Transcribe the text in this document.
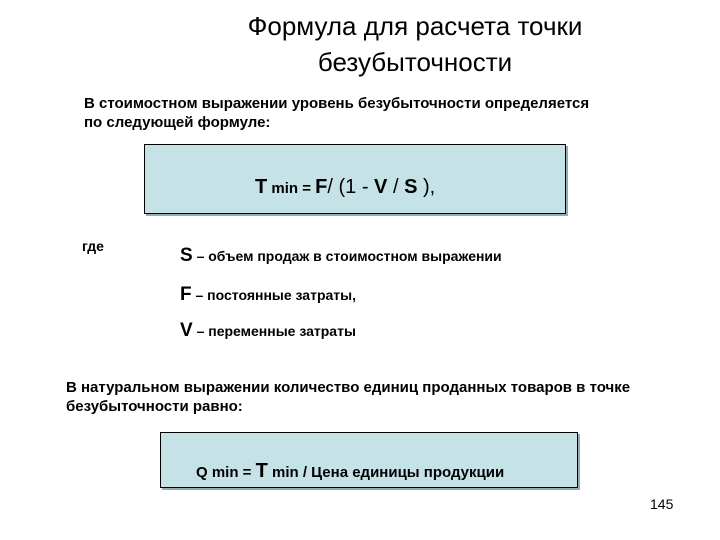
Формула для расчета точки
безубыточности
В стоимостном выражении уровень безубыточности определяется
по следующей формуле:
T min = F/ (1 - V / S ),
где	S – объем продаж в стоимостном выражении
F – постоянные затраты,
V – переменные затраты
В натуральном выражении количество единиц проданных товаров в точке
безубыточности равно:
Q min = T min / Цена единицы продукции
145
